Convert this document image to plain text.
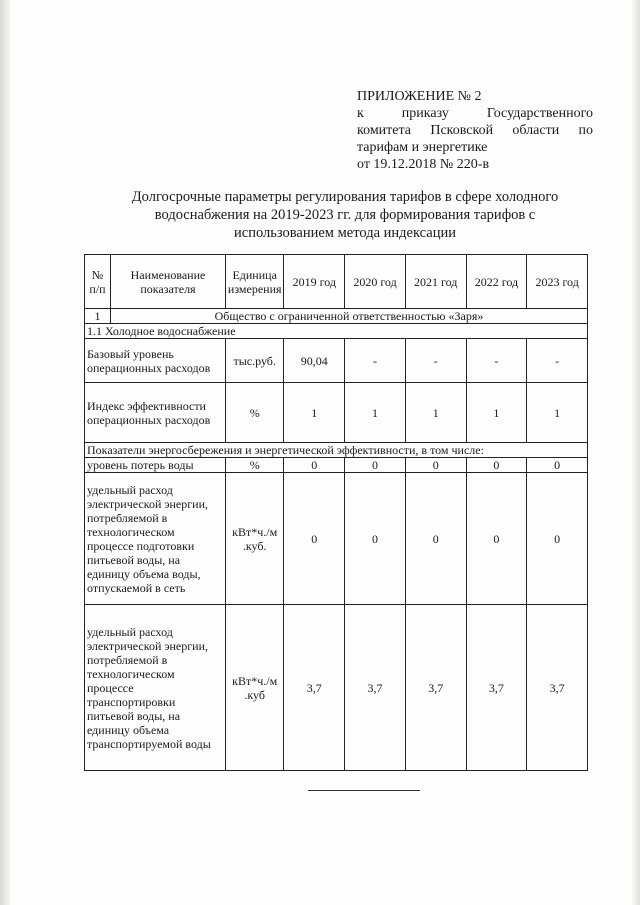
ПРИЛОЖЕНИЕ № 2
к приказу Государственного
комитета Псковской области по
тарифам и энергетике
от 19.12.2018 № 220-в
Долгосрочные параметры регулирования тарифов в сфере холодного
водоснабжения на 2019-2023 гг. для формирования тарифов с
использованием метода индексации
№ п/п	Наименование показателя	Единица измерения	2019 год	2020 год	2021 год	2022 год	2023 год
1	Общество с ограниченной ответственностью «Заря»						
1.1 Холодное водоснабжение							
Базовый уровень операционных расходов		тыс.руб.	90,04	-	-	-	-
Индекс эффективности операционных расходов		%	1	1	1	1	1
Показатели энергосбережения и энергетической эффективности, в том числе:							
уровень потерь воды		%	0	0	0	0	0
удельный расход электрической энергии, потребляемой в технологическом процессе подготовки питьевой воды, на единицу объема воды, отпускаемой в сеть		кВт*ч./м .куб.	0	0	0	0	0
удельный расход электрической энергии, потребляемой в технологическом процессе транспортировки питьевой воды, на единицу объема транспортируемой воды		кВт*ч./м .куб	3,7	3,7	3,7	3,7	3,7
